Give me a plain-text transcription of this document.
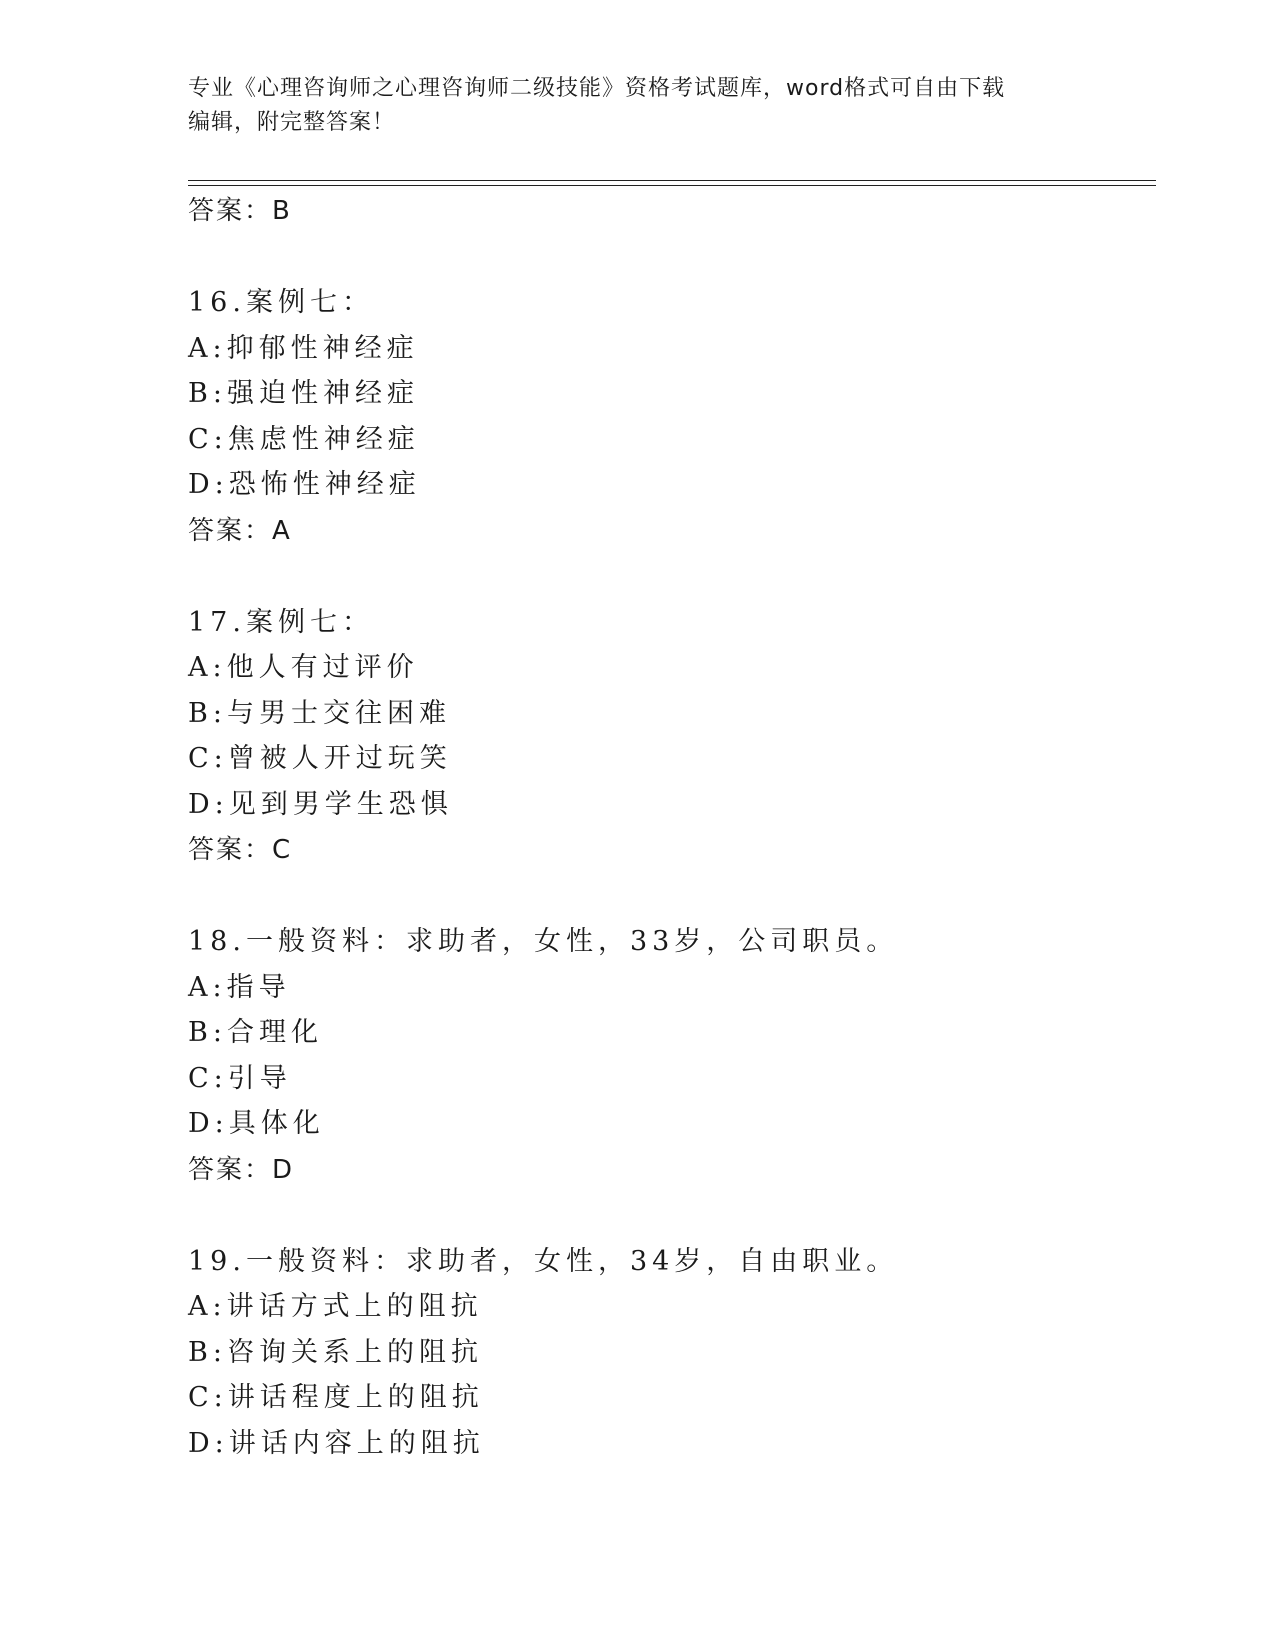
专业《心理咨询师之心理咨询师二级技能》资格考试题库，word格式可自由下载
编辑，附完整答案！
答案：B
16.案例七：
A:抑郁性神经症
B:强迫性神经症
C:焦虑性神经症
D:恐怖性神经症
答案：A
17.案例七：
A:他人有过评价
B:与男士交往困难
C:曾被人开过玩笑
D:见到男学生恐惧
答案：C
18.一般资料：求助者，女性，33岁，公司职员。
A:指导
B:合理化
C:引导
D:具体化
答案：D
19.一般资料：求助者，女性，34岁，自由职业。
A:讲话方式上的阻抗
B:咨询关系上的阻抗
C:讲话程度上的阻抗
D:讲话内容上的阻抗
